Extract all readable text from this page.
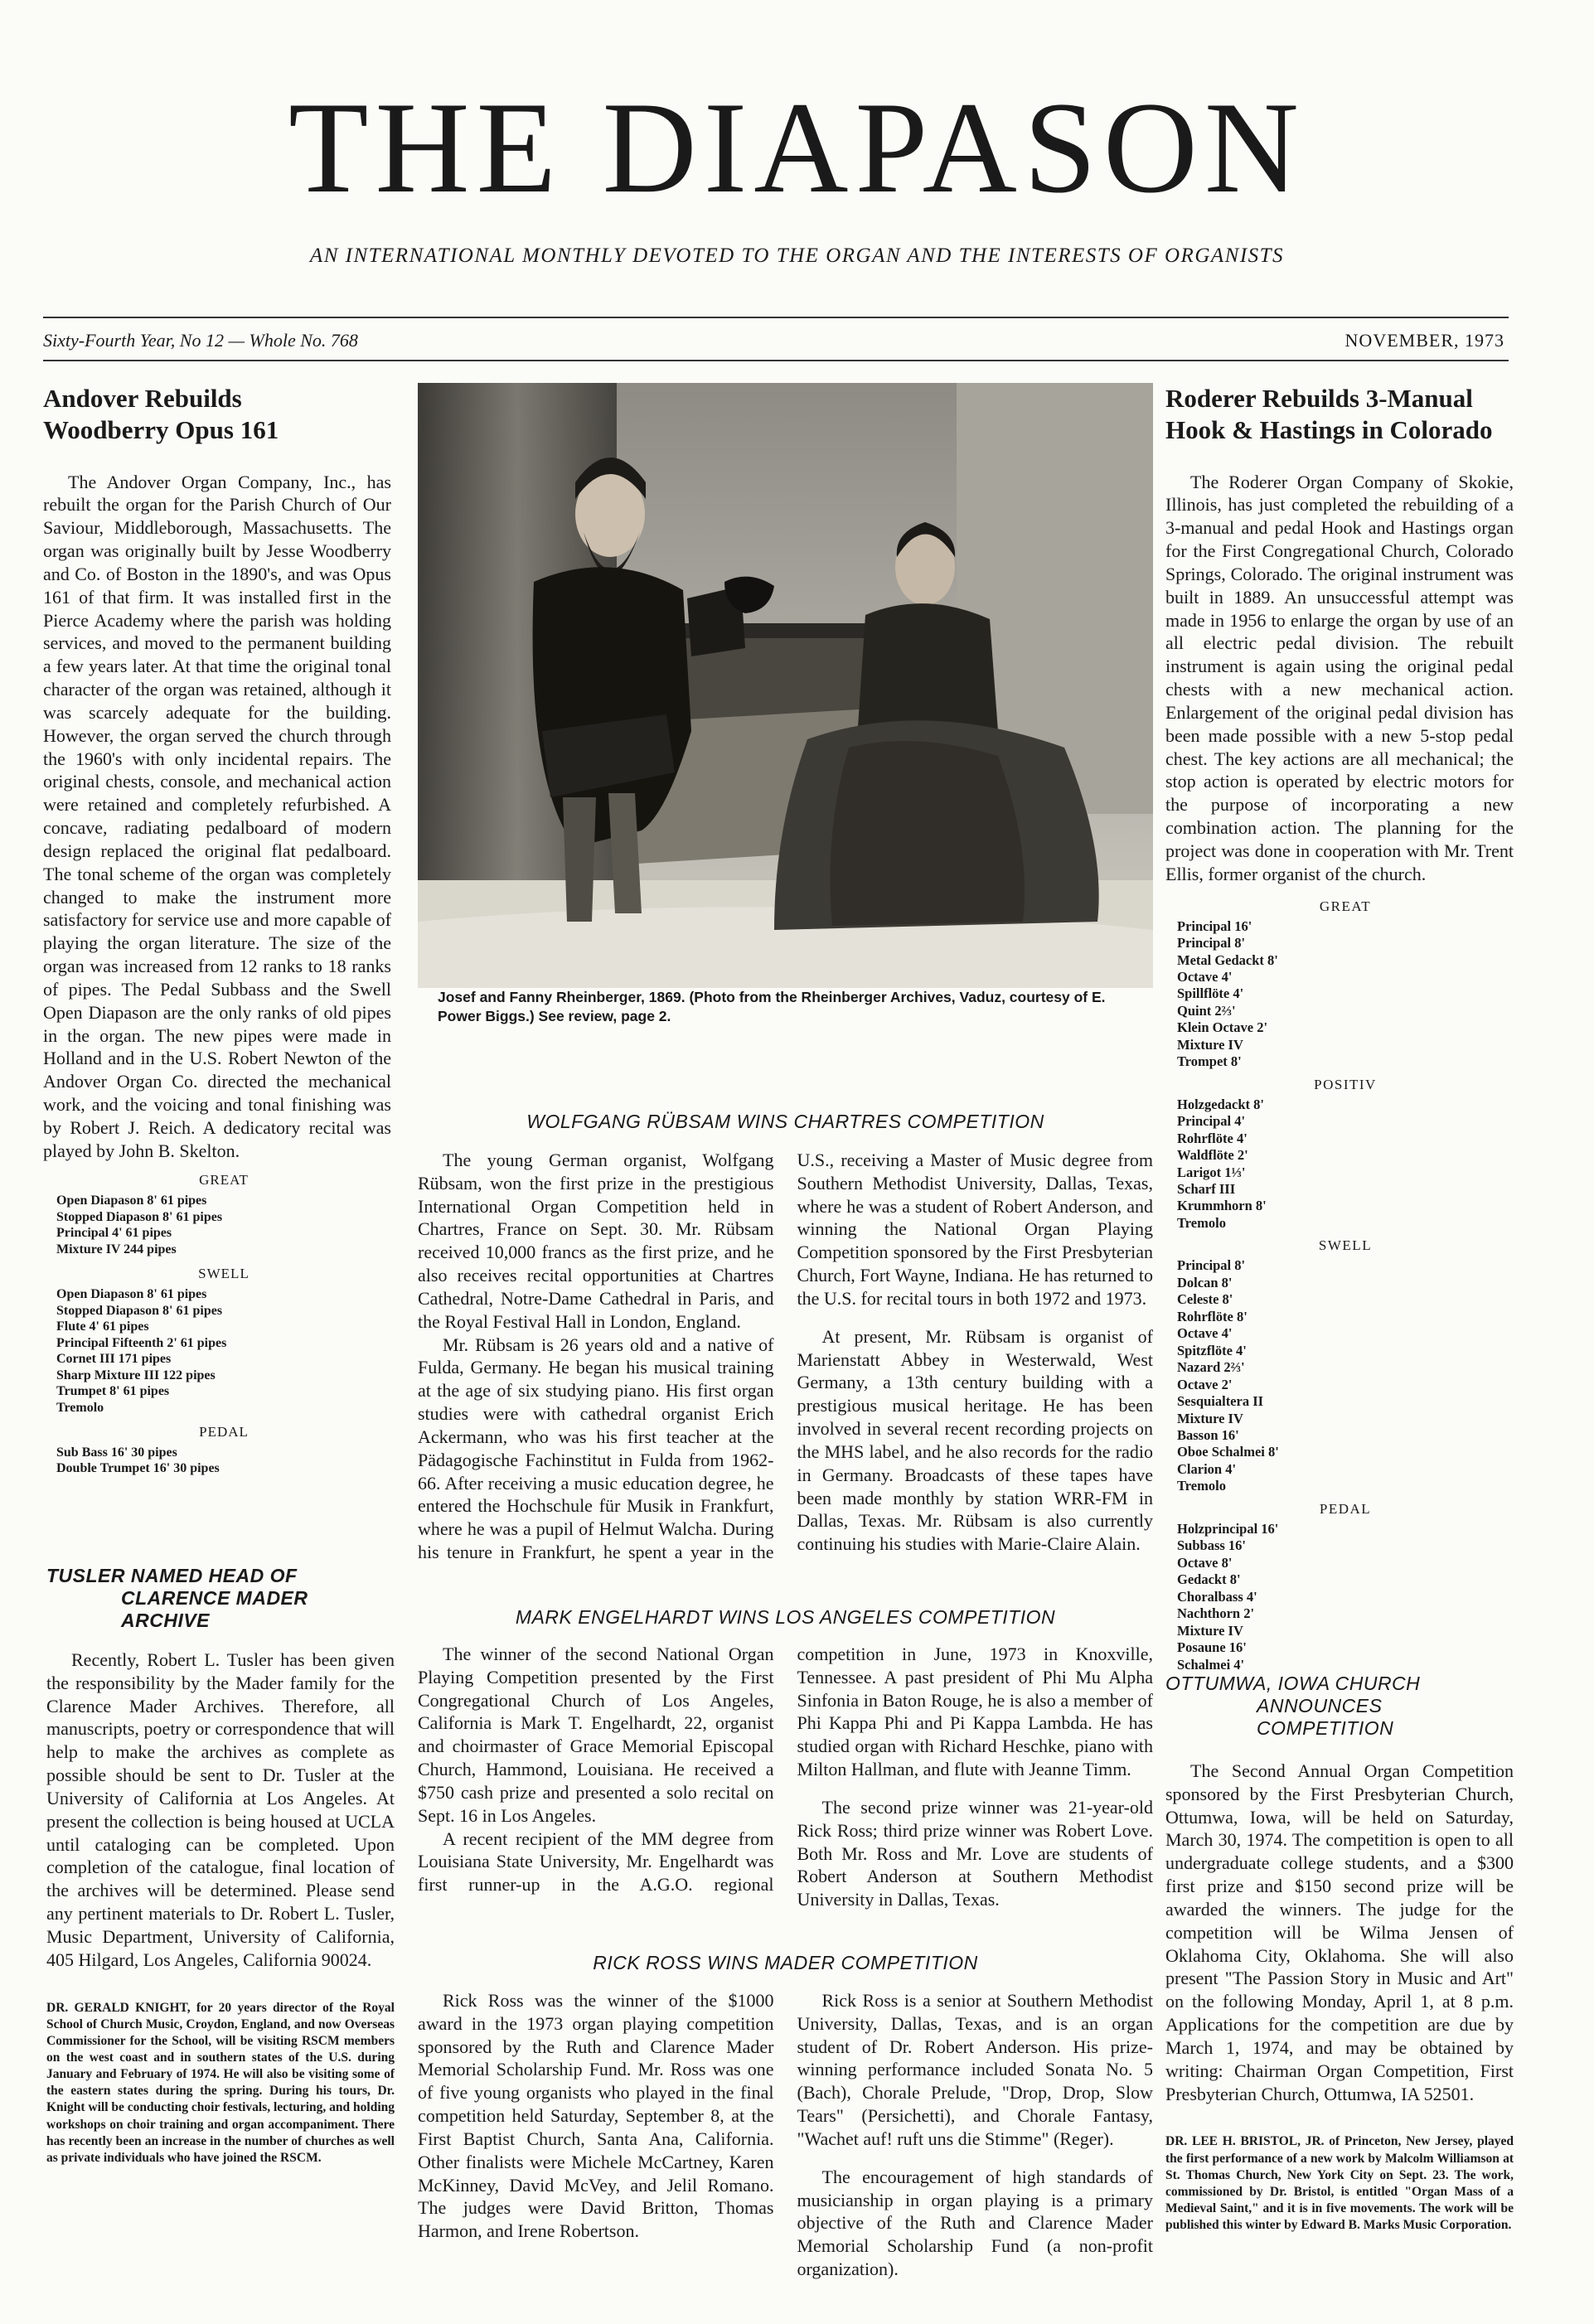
THE DIAPASON
AN INTERNATIONAL MONTHLY DEVOTED TO THE ORGAN AND THE INTERESTS OF ORGANISTS
Sixty-Fourth Year, No 12 — Whole No. 768	NOVEMBER, 1973
Andover Rebuilds
Woodberry Opus 161

The Andover Organ Company, Inc., has rebuilt the organ for the Parish Church of Our Saviour, Middleborough, Massachusetts. The organ was originally built by Jesse Woodberry and Co. of Boston in the 1890's, and was Opus 161 of that firm. It was installed first in the Pierce Academy where the parish was holding services, and moved to the permanent building a few years later. At that time the original tonal character of the organ was retained, although it was scarcely adequate for the building. However, the organ served the church through the 1960's with only incidental repairs. The original chests, console, and mechanical action were retained and completely refurbished. A concave, radiating pedalboard of modern design replaced the original flat pedalboard. The tonal scheme of the organ was completely changed to make the instrument more satisfactory for service use and more capable of playing the organ literature. The size of the organ was increased from 12 ranks to 18 ranks of pipes. The Pedal Subbass and the Swell Open Diapason are the only ranks of old pipes in the organ. The new pipes were made in Holland and in the U.S. Robert Newton of the Andover Organ Co. directed the mechanical work, and the voicing and tonal finishing was by Robert J. Reich. A dedicatory recital was played by John B. Skelton.

GREAT
Open Diapason 8' 61 pipes
Stopped Diapason 8' 61 pipes
Principal 4' 61 pipes
Mixture IV 244 pipes
SWELL
Open Diapason 8' 61 pipes
Stopped Diapason 8' 61 pipes
Flute 4' 61 pipes
Principal Fifteenth 2' 61 pipes
Cornet III 171 pipes
Sharp Mixture III 122 pipes
Trumpet 8' 61 pipes
Tremolo
PEDAL
Sub Bass 16' 30 pipes
Double Trumpet 16' 30 pipes
TUSLER NAMED HEAD OF
CLARENCE MADER ARCHIVE

Recently, Robert L. Tusler has been given the responsibility by the Mader family for the Clarence Mader Archives. Therefore, all manuscripts, poetry or correspondence that will help to make the archives as complete as possible should be sent to Dr. Tusler at the University of California at Los Angeles. At present the collection is being housed at UCLA until cataloging can be completed. Upon completion of the catalogue, final location of the archives will be determined. Please send any pertinent materials to Dr. Robert L. Tusler, Music Department, University of California, 405 Hilgard, Los Angeles, California 90024.

DR. GERALD KNIGHT, for 20 years director of the Royal School of Church Music, Croydon, England, and now Overseas Commissioner for the School, will be visiting RSCM members on the west coast and in southern states of the U.S. during January and February of 1974. He will also be visiting some of the eastern states during the spring. During his tours, Dr. Knight will be conducting choir festivals, lecturing, and holding workshops on choir training and organ accompaniment. There has recently been an increase in the number of churches as well as private individuals who have joined the RSCM.
Josef and Fanny Rheinberger, 1869. (Photo from the Rheinberger Archives, Vaduz, courtesy of E. Power Biggs.) See review, page 2.
WOLFGANG RÜBSAM WINS CHARTRES COMPETITION

The young German organist, Wolfgang Rübsam, won the first prize in the prestigious International Organ Competition held in Chartres, France on Sept. 30. Mr. Rübsam received 10,000 francs as the first prize, and he also receives recital opportunities at Chartres Cathedral, Notre-Dame Cathedral in Paris, and the Royal Festival Hall in London, England.

Mr. Rübsam is 26 years old and a native of Fulda, Germany. He began his musical training at the age of six studying piano. His first organ studies were with cathedral organist Erich Ackermann, who was his first teacher at the Pädagogische Fachinstitut in Fulda from 1962-66. After receiving a music education degree, he entered the Hochschule für Musik in Frankfurt, where he was a pupil of Helmut Walcha. During his tenure in Frankfurt, he spent a year in the U.S., receiving a Master of Music degree from Southern Methodist University, Dallas, Texas, where he was a student of Robert Anderson, and winning the National Organ Playing Competition sponsored by the First Presbyterian Church, Fort Wayne, Indiana. He has returned to the U.S. for recital tours in both 1972 and 1973.

At present, Mr. Rübsam is organist of Marienstatt Abbey in Westerwald, West Germany, a 13th century building with a prestigious musical heritage. He has been involved in several recent recording projects on the MHS label, and he also records for the radio in Germany. Broadcasts of these tapes have been made monthly by station WRR-FM in Dallas, Texas. Mr. Rübsam is also currently continuing his studies with Marie-Claire Alain.

MARK ENGELHARDT WINS LOS ANGELES COMPETITION

The winner of the second National Organ Playing Competition presented by the First Congregational Church of Los Angeles, California is Mark T. Engelhardt, 22, organist and choirmaster of Grace Memorial Episcopal Church, Hammond, Louisiana. He received a $750 cash prize and presented a solo recital on Sept. 16 in Los Angeles.

A recent recipient of the MM degree from Louisiana State University, Mr. Engelhardt was first runner-up in the A.G.O. regional competition in June, 1973 in Knoxville, Tennessee. A past president of Phi Mu Alpha Sinfonia in Baton Rouge, he is also a member of Phi Kappa Phi and Pi Kappa Lambda. He has studied organ with Richard Heschke, piano with Milton Hallman, and flute with Jeanne Timm.

The second prize winner was 21-year-old Rick Ross; third prize winner was Robert Love. Both Mr. Ross and Mr. Love are students of Robert Anderson at Southern Methodist University in Dallas, Texas.

RICK ROSS WINS MADER COMPETITION

Rick Ross was the winner of the $1000 award in the 1973 organ playing competition sponsored by the Ruth and Clarence Mader Memorial Scholarship Fund. Mr. Ross was one of five young organists who played in the final competition held Saturday, September 8, at the First Baptist Church, Santa Ana, California. Other finalists were Michele McCartney, Karen McKinney, David McVey, and Jelil Romano. The judges were David Britton, Thomas Harmon, and Irene Robertson.

Rick Ross is a senior at Southern Methodist University, Dallas, Texas, and is an organ student of Dr. Robert Anderson. His prize-winning performance included Sonata No. 5 (Bach), Chorale Prelude, "Drop, Drop, Slow Tears" (Persichetti), and Chorale Fantasy, "Wachet auf! ruft uns die Stimme" (Reger).

The encouragement of high standards of musicianship in organ playing is a primary objective of the Ruth and Clarence Mader Memorial Scholarship Fund (a non-profit organization).

Roderer Rebuilds 3-Manual
Hook & Hastings in Colorado

The Roderer Organ Company of Skokie, Illinois, has just completed the rebuilding of a 3-manual and pedal Hook and Hastings organ for the First Congregational Church, Colorado Springs, Colorado. The original instrument was built in 1889. An unsuccessful attempt was made in 1956 to enlarge the organ by use of an all electric pedal division. The rebuilt instrument is again using the original pedal chests with a new mechanical action. Enlargement of the original pedal division has been made possible with a new 5-stop pedal chest. The key actions are all mechanical; the stop action is operated by electric motors for the purpose of incorporating a new combination action. The planning for the project was done in cooperation with Mr. Trent Ellis, former organist of the church.

GREAT
Principal 16'
Principal 8'
Metal Gedackt 8'
Octave 4'
Spillflöte 4'
Quint 2⅔'
Klein Octave 2'
Mixture IV
Trompet 8'
POSITIV
Holzgedackt 8'
Principal 4'
Rohrflöte 4'
Waldflöte 2'
Larigot 1⅓'
Scharf III
Krummhorn 8'
Tremolo
SWELL
Principal 8'
Dolcan 8'
Celeste 8'
Rohrflöte 8'
Octave 4'
Spitzflöte 4'
Nazard 2⅔'
Octave 2'
Sesquialtera II
Mixture IV
Basson 16'
Oboe Schalmei 8'
Clarion 4'
Tremolo
PEDAL
Holzprincipal 16'
Subbass 16'
Octave 8'
Gedackt 8'
Choralbass 4'
Nachthorn 2'
Mixture IV
Posaune 16'
Schalmei 4'
OTTUMWA, IOWA CHURCH
ANNOUNCES COMPETITION

The Second Annual Organ Competition sponsored by the First Presbyterian Church, Ottumwa, Iowa, will be held on Saturday, March 30, 1974. The competition is open to all undergraduate college students, and a $300 first prize and $150 second prize will be awarded the winners. The judge for the competition will be Wilma Jensen of Oklahoma City, Oklahoma. She will also present "The Passion Story in Music and Art" on the following Monday, April 1, at 8 p.m. Applications for the competition are due by March 1, 1974, and may be obtained by writing: Chairman Organ Competition, First Presbyterian Church, Ottumwa, IA 52501.

DR. LEE H. BRISTOL, JR. of Princeton, New Jersey, played the first performance of a new work by Malcolm Williamson at St. Thomas Church, New York City on Sept. 23. The work, commissioned by Dr. Bristol, is entitled "Organ Mass of a Medieval Saint," and it is in five movements. The work will be published this winter by Edward B. Marks Music Corporation.
